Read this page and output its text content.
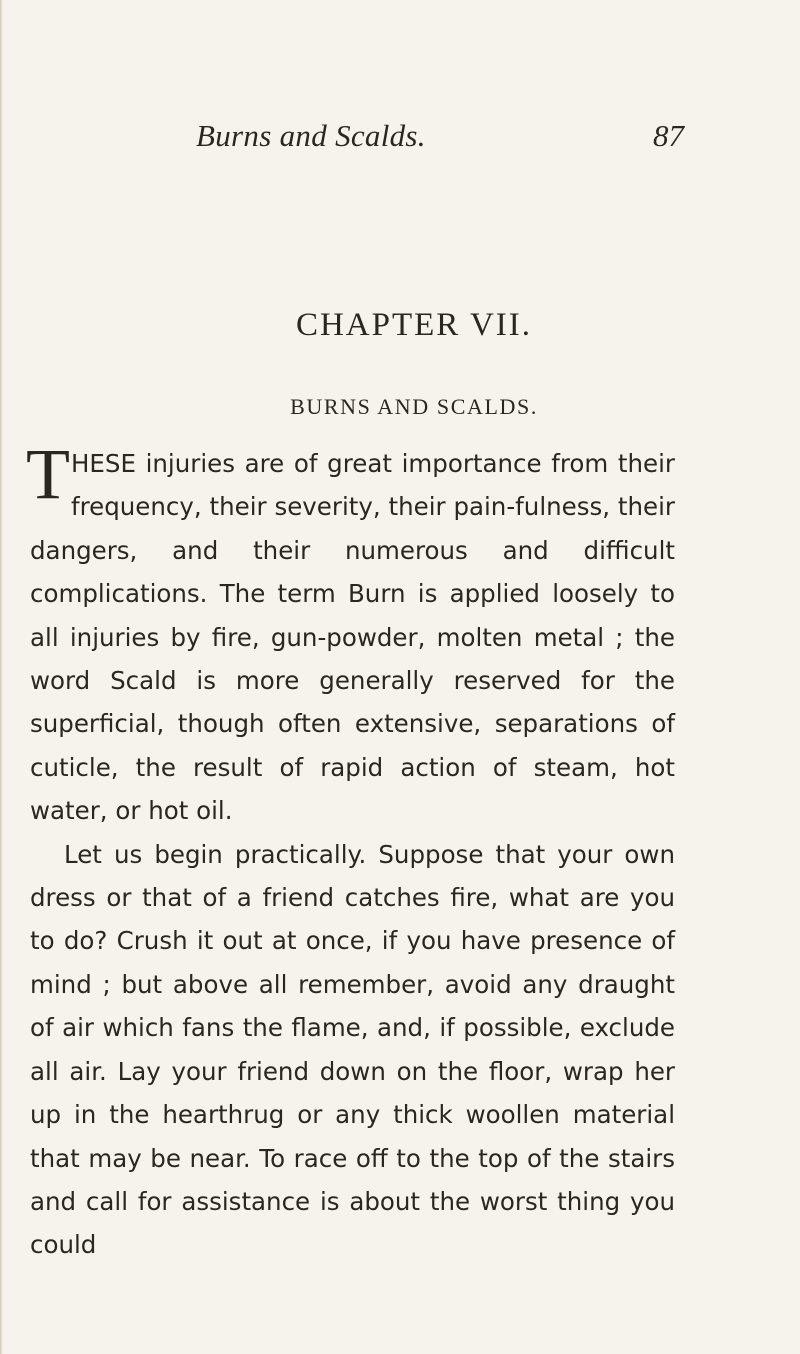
Burns and Scalds.	87
CHAPTER VII.
BURNS AND SCALDS.

THESE injuries are of great importance from their frequency, their severity, their pain-fulness, their dangers, and their numerous and difficult complications. The term Burn is applied loosely to all injuries by fire, gun-powder, molten metal ; the word Scald is more generally reserved for the superficial, though often extensive, separations of cuticle, the result of rapid action of steam, hot water, or hot oil.

Let us begin practically. Suppose that your own dress or that of a friend catches fire, what are you to do? Crush it out at once, if you have presence of mind ; but above all remember, avoid any draught of air which fans the flame, and, if possible, exclude all air. Lay your friend down on the floor, wrap her up in the hearthrug or any thick woollen material that may be near. To race off to the top of the stairs and call for assistance is about the worst thing you could
